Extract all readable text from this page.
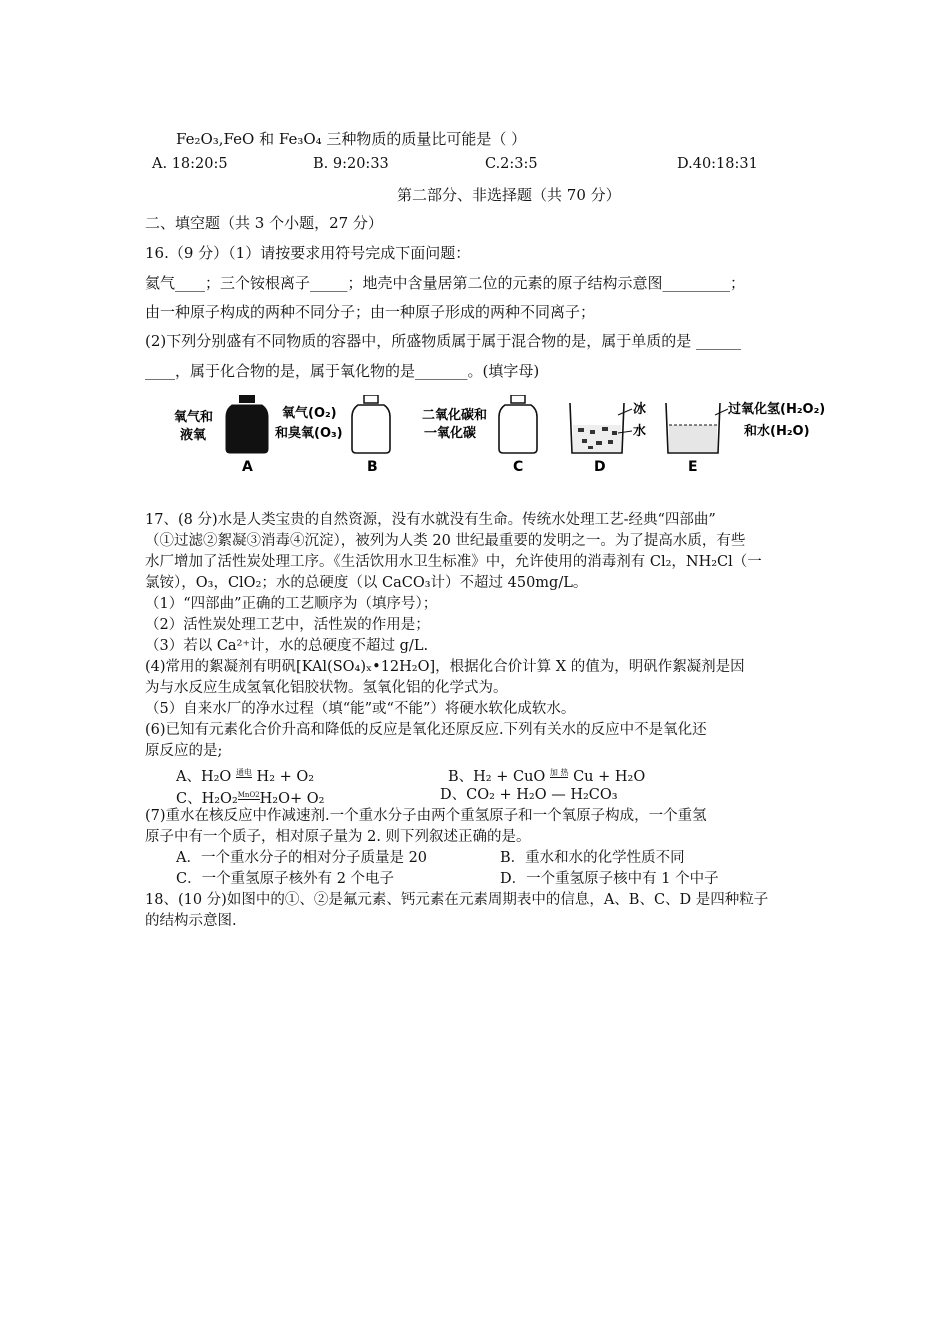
Fe₂O₃,FeO 和 Fe₃O₄ 三种物质的质量比可能是（ ）
A. 18:20:5	B. 9:20:33	C.2:3:5	D.40:18:31
第二部分、非选择题（共 70 分）
二、填空题（共 3 个小题，27 分）
16.（9 分）（1）请按要求用符号完成下面问题：
氦气____；三个铵根离子_____；地壳中含量居第二位的元素的原子结构示意图_________；
由一种原子构成的两种不同分子；由一种原子形成的两种不同离子；
(2)下列分别盛有不同物质的容器中，所盛物质属于属于混合物的是，属于单质的是 ______
____，属于化合物的是，属于氧化物的是_______。(填字母)
氧气和
液氧
A
氧气(O₂)
和臭氧(O₃)
B
二氧化碳和
一氧化碳
C
冰
水
D
过氧化氢(H₂O₂)
和水(H₂O)
E
17、(8 分)水是人类宝贵的自然资源，没有水就没有生命。传统水处理工艺-经典“四部曲”
（①过滤②絮凝③消毒④沉淀），被列为人类 20 世纪最重要的发明之一。为了提高水质，有些
水厂增加了活性炭处理工序。《生活饮用水卫生标准》中，允许使用的消毒剂有 Cl₂，NH₂Cl（一
氯铵），O₃，ClO₂；水的总硬度（以 CaCO₃计）不超过 450mg/L。
（1）“四部曲”正确的工艺顺序为（填序号）；
（2）活性炭处理工艺中，活性炭的作用是；
（3）若以 Ca²⁺计，水的总硬度不超过 g/L.
(4)常用的絮凝剂有明矾[KAl(SO₄)ₓ•12H₂O]，根据化合价计算 X 的值为，明矾作絮凝剂是因
为与水反应生成氢氧化铝胶状物。氢氧化铝的化学式为。
（5）自来水厂的净水过程（填“能”或“不能”）将硬水软化成软水。
(6)已知有元素化合价升高和降低的反应是氧化还原反应.下列有关水的反应中不是氧化还
原反应的是;
A、H₂O $^{通电}$ H₂ + O₂	B、H₂ + CuO $^{加 热}$ Cu + H₂O
C、H₂O₂$^{MnO2}$H₂O+ O₂	D、CO₂ + H₂O — H₂CO₃
(7)重水在核反应中作减速剂.一个重水分子由两个重氢原子和一个氧原子构成，一个重氢
原子中有一个质子，相对原子量为 2. 则下列叙述正确的是。
A．一个重水分子的相对分子质量是 20	B．重水和水的化学性质不同
C．一个重氢原子核外有 2 个电子	D．一个重氢原子核中有 1 个中子
18、(10 分)如图中的①、②是氟元素、钙元素在元素周期表中的信息，A、B、C、D 是四种粒子
的结构示意图.
